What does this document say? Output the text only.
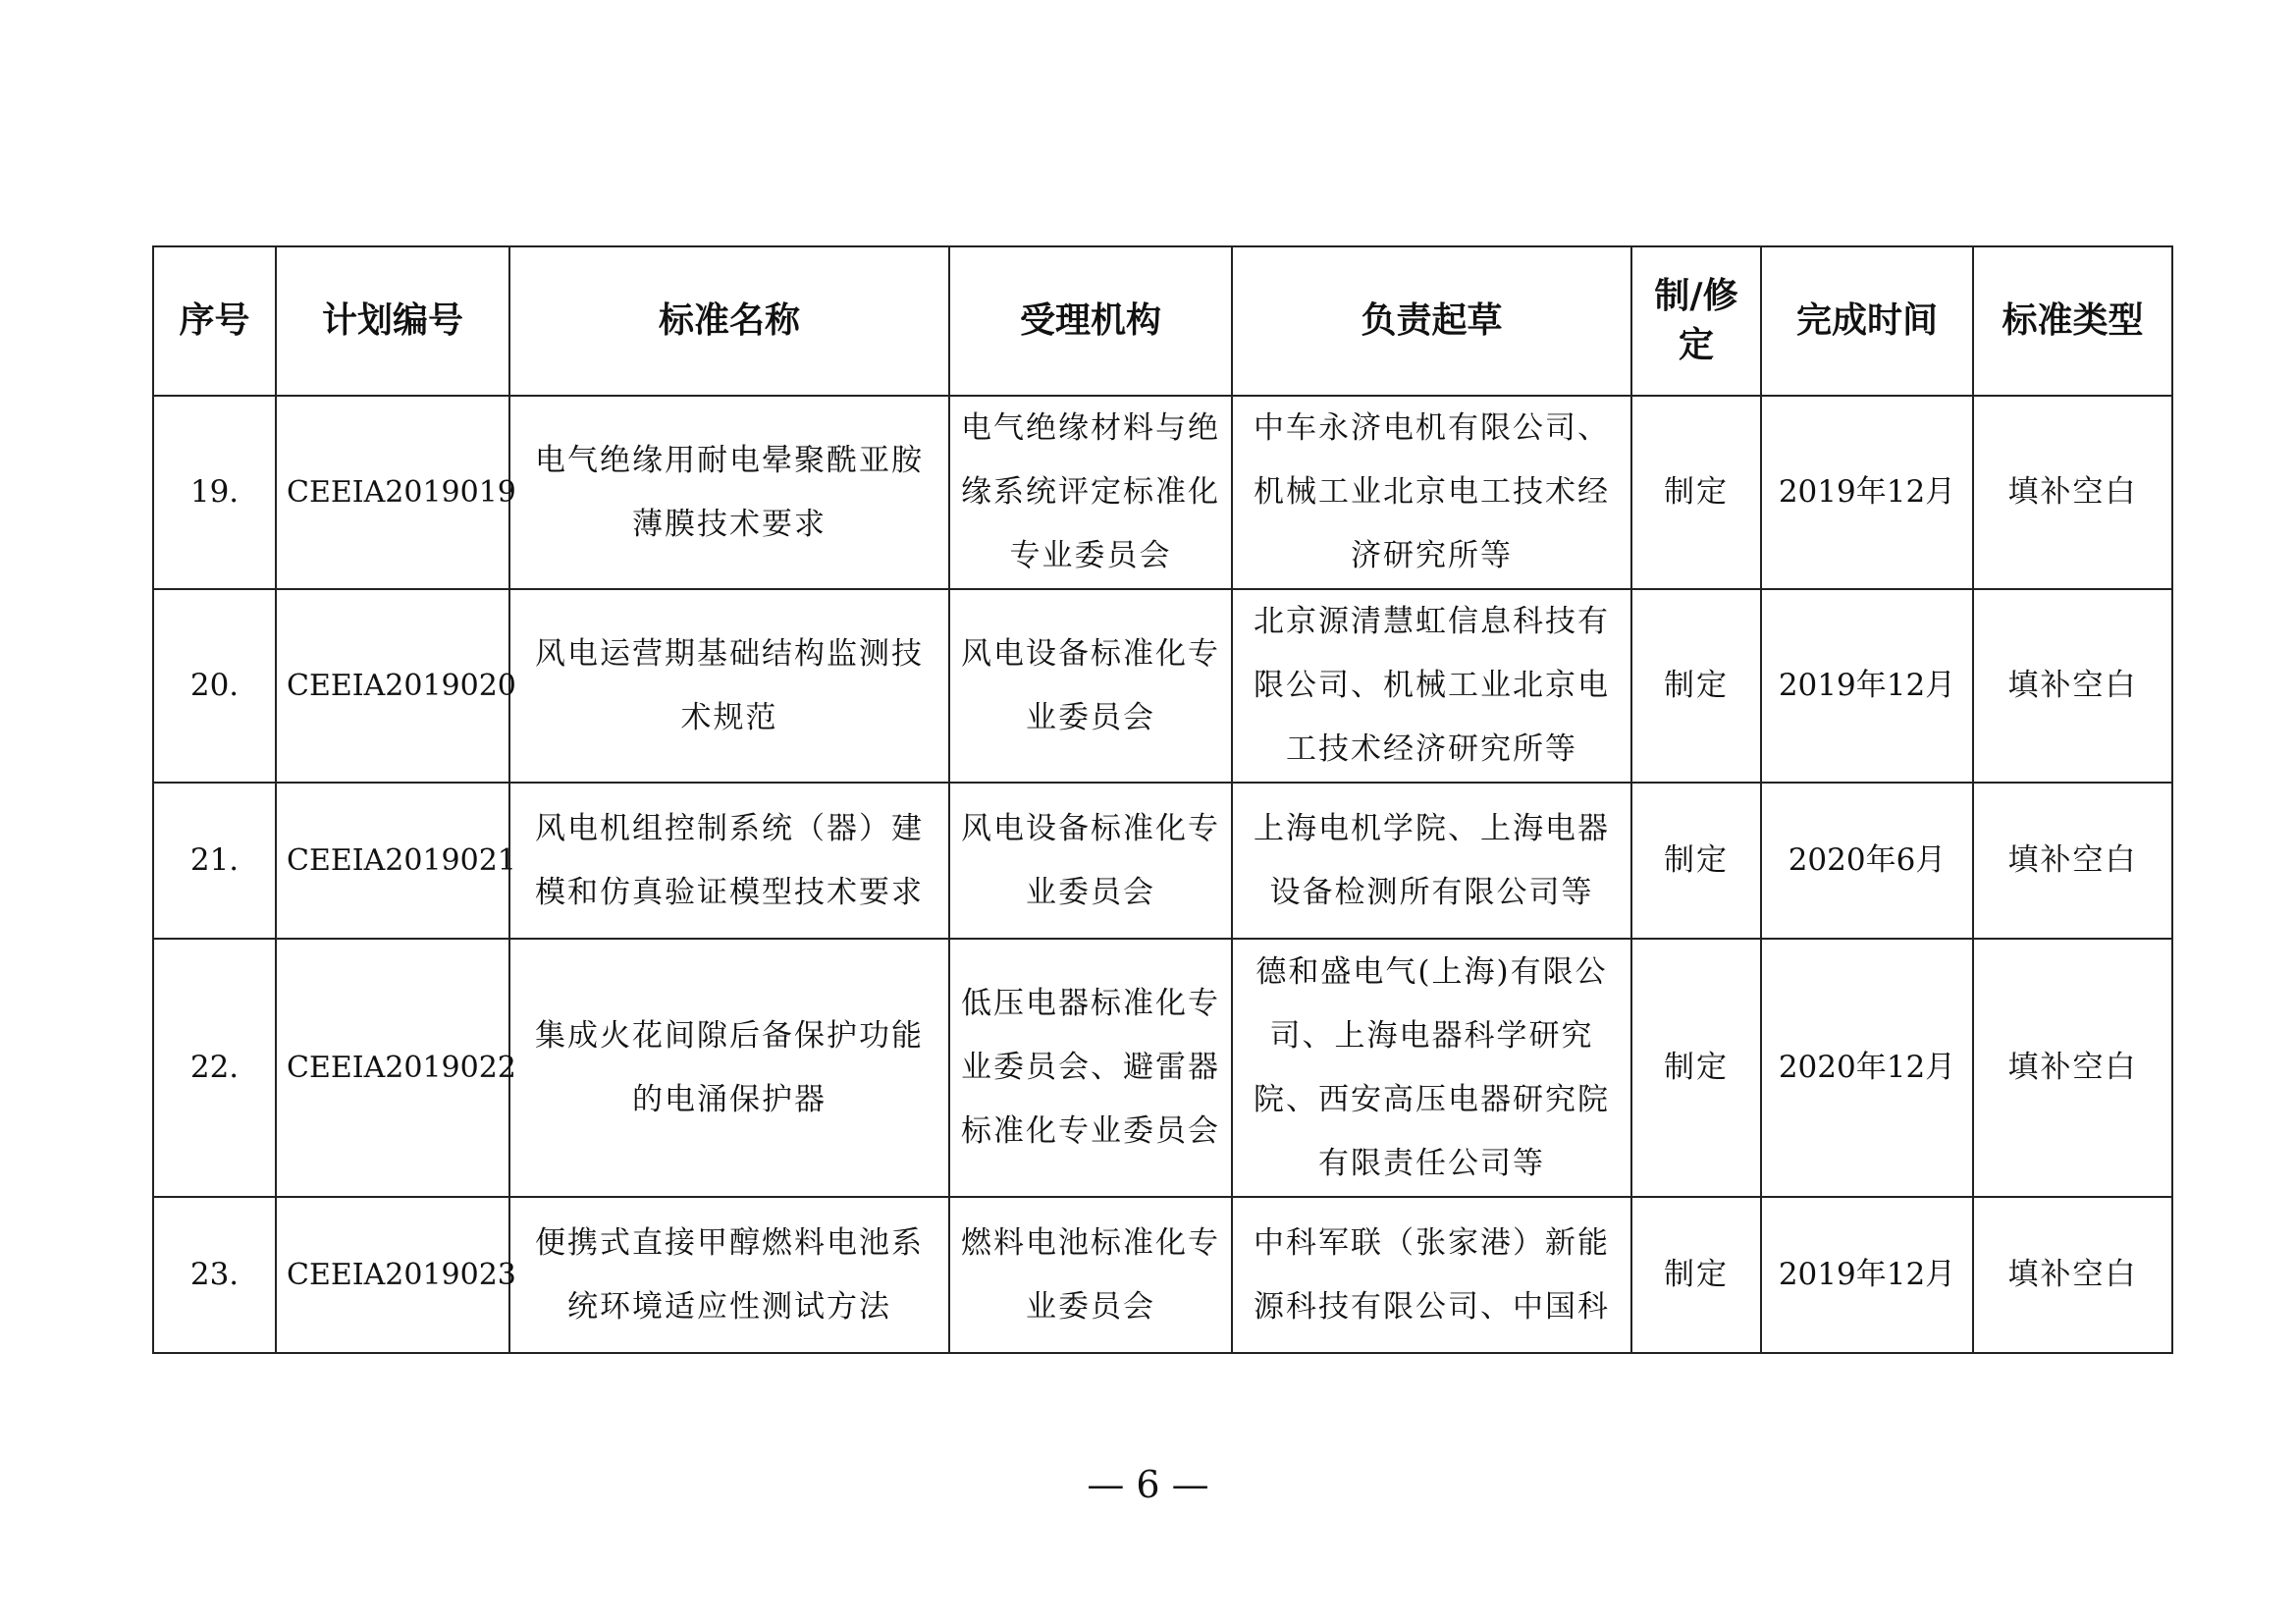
序号	计划编号	标准名称	受理机构	负责起草	制/修定	完成时间	标准类型
19.	CEEIA2019019	电气绝缘用耐电晕聚酰亚胺薄膜技术要求	电气绝缘材料与绝缘系统评定标准化专业委员会	中车永济电机有限公司、机械工业北京电工技术经济研究所等	制定	2019年12月	填补空白
20.	CEEIA2019020	风电运营期基础结构监测技术规范	风电设备标准化专业委员会	北京源清慧虹信息科技有限公司、机械工业北京电工技术经济研究所等	制定	2019年12月	填补空白
21.	CEEIA2019021	风电机组控制系统（器）建模和仿真验证模型技术要求	风电设备标准化专业委员会	上海电机学院、上海电器设备检测所有限公司等	制定	2020年6月	填补空白
22.	CEEIA2019022	集成火花间隙后备保护功能的电涌保护器	低压电器标准化专业委员会、避雷器标准化专业委员会	德和盛电气(上海)有限公司、上海电器科学研究院、西安高压电器研究院有限责任公司等	制定	2020年12月	填补空白
23.	CEEIA2019023	便携式直接甲醇燃料电池系统环境适应性测试方法	燃料电池标准化专业委员会	中科军联（张家港）新能源科技有限公司、中国科	制定	2019年12月	填补空白
— 6 —
